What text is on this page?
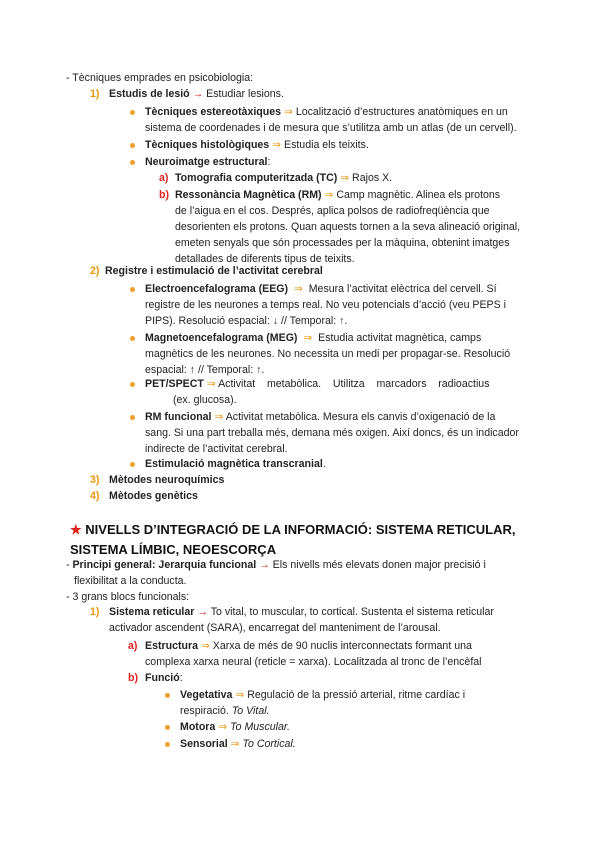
- Tècniques emprades en psicobiologia:
1) Estudis de lesió → Estudiar lesions.
Tècniques estereotàxiques ⇒ Localització d’estructures anatòmiques en un
sistema de coordenades i de mesura que s’utilitza amb un atlas (de un cervell).
Tècniques histològiques ⇒ Estudia els teixits.
Neuroimatge estructural:
a) Tomografia computeritzada (TC) ⇒ Rajos X.
b) Ressonància Magnètica (RM) ⇒ Camp magnètic. Alinea els protons
de l’aigua en el cos. Després, aplica polsos de radiofreqüència que
desorienten els protons. Quan aquests tornen a la seva alineació original,
emeten senyals que són processades per la màquina, obtenint imatges
detallades de diferents tipus de teixits.
2) Registre i estimulació de l’activitat cerebral
Electroencefalograma (EEG) ⇒ Mesura l’activitat elèctrica del cervell. Sí
registre de les neurones a temps real. No veu potencials d’acció (veu PEPS i
PIPS). Resolució espacial: ↓ // Temporal: ↑.
Magnetoencefalograma (MEG) ⇒ Estudia activitat magnètica, camps
magnètics de les neurones. No necessita un medi per propagar-se. Resolució
espacial: ↑ // Temporal: ↑.
PET/SPECT ⇒ Activitat    metabòlica.    Utilitza    marcadors    radioactius
(ex. glucosa).
RM funcional ⇒ Activitat metabòlica. Mesura els canvis d’oxigenació de la
sang. Si una part treballa més, demana més oxigen. Així doncs, és un indicador
indirecte de l’activitat cerebral.
Estimulació magnètica transcranial.
3) Mètodes neuroquímics
4) Mètodes genètics
★ NIVELLS D’INTEGRACIÓ DE LA INFORMACIÓ: SISTEMA RETICULAR,
SISTEMA LÍMBIC, NEOESCORÇA
- Principi general: Jerarquia funcional → Els nivells més elevats donen major precisió i
flexibilitat a la conducta.
- 3 grans blocs funcionals:
1) Sistema reticular → To vital, to muscular, to cortical. Sustenta el sistema reticular
activador ascendent (SARA), encarregat del manteniment de l’arousal.
a) Estructura ⇒ Xarxa de més de 90 nuclis interconnectats formant una
complexa xarxa neural (reticle = xarxa). Localitzada al tronc de l’encèfal
b) Funció:
Vegetativa ⇒ Regulació de la pressió arterial, ritme cardíac i
respiració. To Vital.
Motora ⇒ To Muscular.
Sensorial ⇒ To Cortical.
